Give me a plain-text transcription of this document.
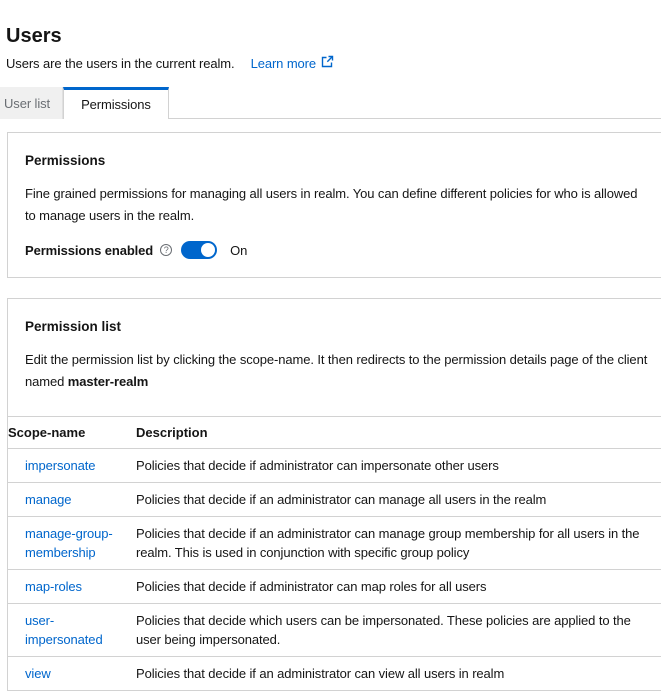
Users
Users are the users in the current realm. Learn more
User list Permissions
Permissions

Fine grained permissions for managing all users in realm. You can define different policies for who is allowed to manage users in the realm.

Permissions enabled	?	On
Permission list

Edit the permission list by clicking the scope-name. It then redirects to the permission details page of the client named master-realm

Scope-name	Description
impersonate	Policies that decide if administrator can impersonate other users

manage	Policies that decide if an administrator can manage all users in the realm

manage-group-membership	Policies that decide if an administrator can manage group membership for all users in the realm. This is used in conjunction with specific group policy

map-roles	Policies that decide if administrator can map roles for all users

user-impersonated	Policies that decide which users can be impersonated. These policies are applied to the user being impersonated.

view	Policies that decide if an administrator can view all users in realm
